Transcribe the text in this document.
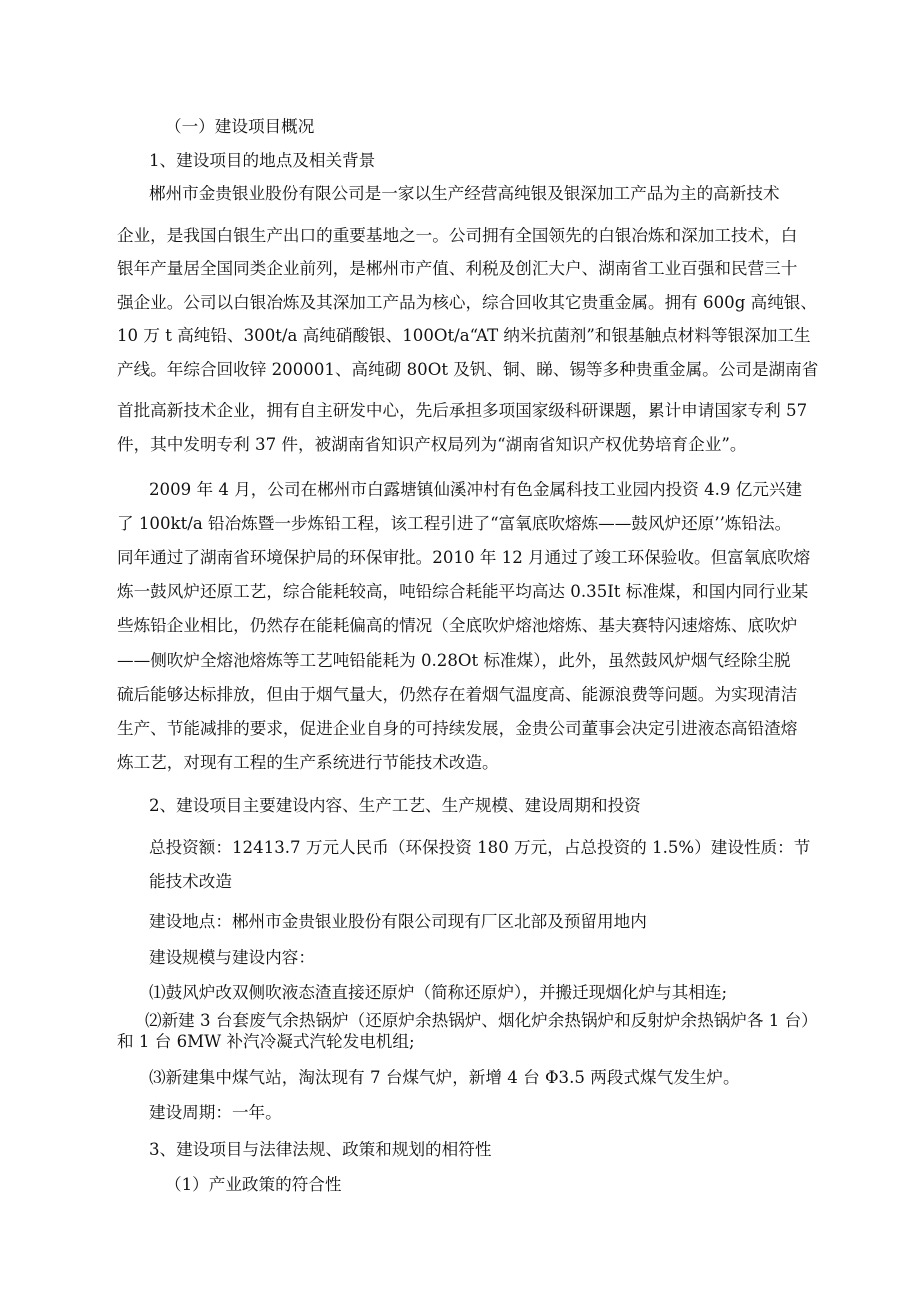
（一）建设项目概况

1、建设项目的地点及相关背景

郴州市金贵银业股份有限公司是一家以生产经营高纯银及银深加工产品为主的高新技术

企业，是我国白银生产出口的重要基地之一。公司拥有全国领先的白银冶炼和深加工技术，白

银年产量居全国同类企业前列，是郴州市产值、利税及创汇大户、湖南省工业百强和民营三十

强企业。公司以白银冶炼及其深加工产品为核心，综合回收其它贵重金属。拥有 600g 高纯银、

10 万 t 高纯铅、300t/a 高纯硝酸银、100Ot/a“AT 纳米抗菌剂”和银基触点材料等银深加工生

产线。年综合回收锌 200001、高纯砌 80Ot 及钒、铜、睇、锡等多种贵重金属。公司是湖南省

首批高新技术企业，拥有自主研发中心，先后承担多项国家级科研课题，累计申请国家专利 57

件，其中发明专利 37 件，被湖南省知识产权局列为“湖南省知识产权优势培育企业”。

2009 年 4 月，公司在郴州市白露塘镇仙溪冲村有色金属科技工业园内投资 4.9 亿元兴建

了 100kt/a 铅冶炼暨一步炼铅工程，该工程引进了“富氧底吹熔炼——鼓风炉还原’’炼铅法。

同年通过了湖南省环境保护局的环保审批。2010 年 12 月通过了竣工环保验收。但富氧底吹熔

炼一鼓风炉还原工艺，综合能耗较高，吨铅综合耗能平均高达 0.35It 标准煤，和国内同行业某

些炼铅企业相比，仍然存在能耗偏高的情况（全底吹炉熔池熔炼、基夫赛特闪速熔炼、底吹炉

——侧吹炉全熔池熔炼等工艺吨铅能耗为 0.28Ot 标准煤），此外，虽然鼓风炉烟气经除尘脱

硫后能够达标排放，但由于烟气量大，仍然存在着烟气温度高、能源浪费等问题。为实现清洁

生产、节能减排的要求，促进企业自身的可持续发展，金贵公司董事会决定引进液态高铅渣熔

炼工艺，对现有工程的生产系统进行节能技术改造。

2、建设项目主要建设内容、生产工艺、生产规模、建设周期和投资

总投资额：12413.7 万元人民币（环保投资 180 万元，占总投资的 1.5%）建设性质：节

能技术改造

建设地点：郴州市金贵银业股份有限公司现有厂区北部及预留用地内

建设规模与建设内容：

⑴鼓风炉改双侧吹液态渣直接还原炉（简称还原炉），并搬迁现烟化炉与其相连;

⑵新建 3 台套废气余热锅炉（还原炉余热锅炉、烟化炉余热锅炉和反射炉余热锅炉各 1 台）

和 1 台 6MW 补汽冷凝式汽轮发电机组;

⑶新建集中煤气站，淘汰现有 7 台煤气炉，新增 4 台 Φ3.5 两段式煤气发生炉。

建设周期：一年。

3、建设项目与法律法规、政策和规划的相符性

（1）产业政策的符合性
